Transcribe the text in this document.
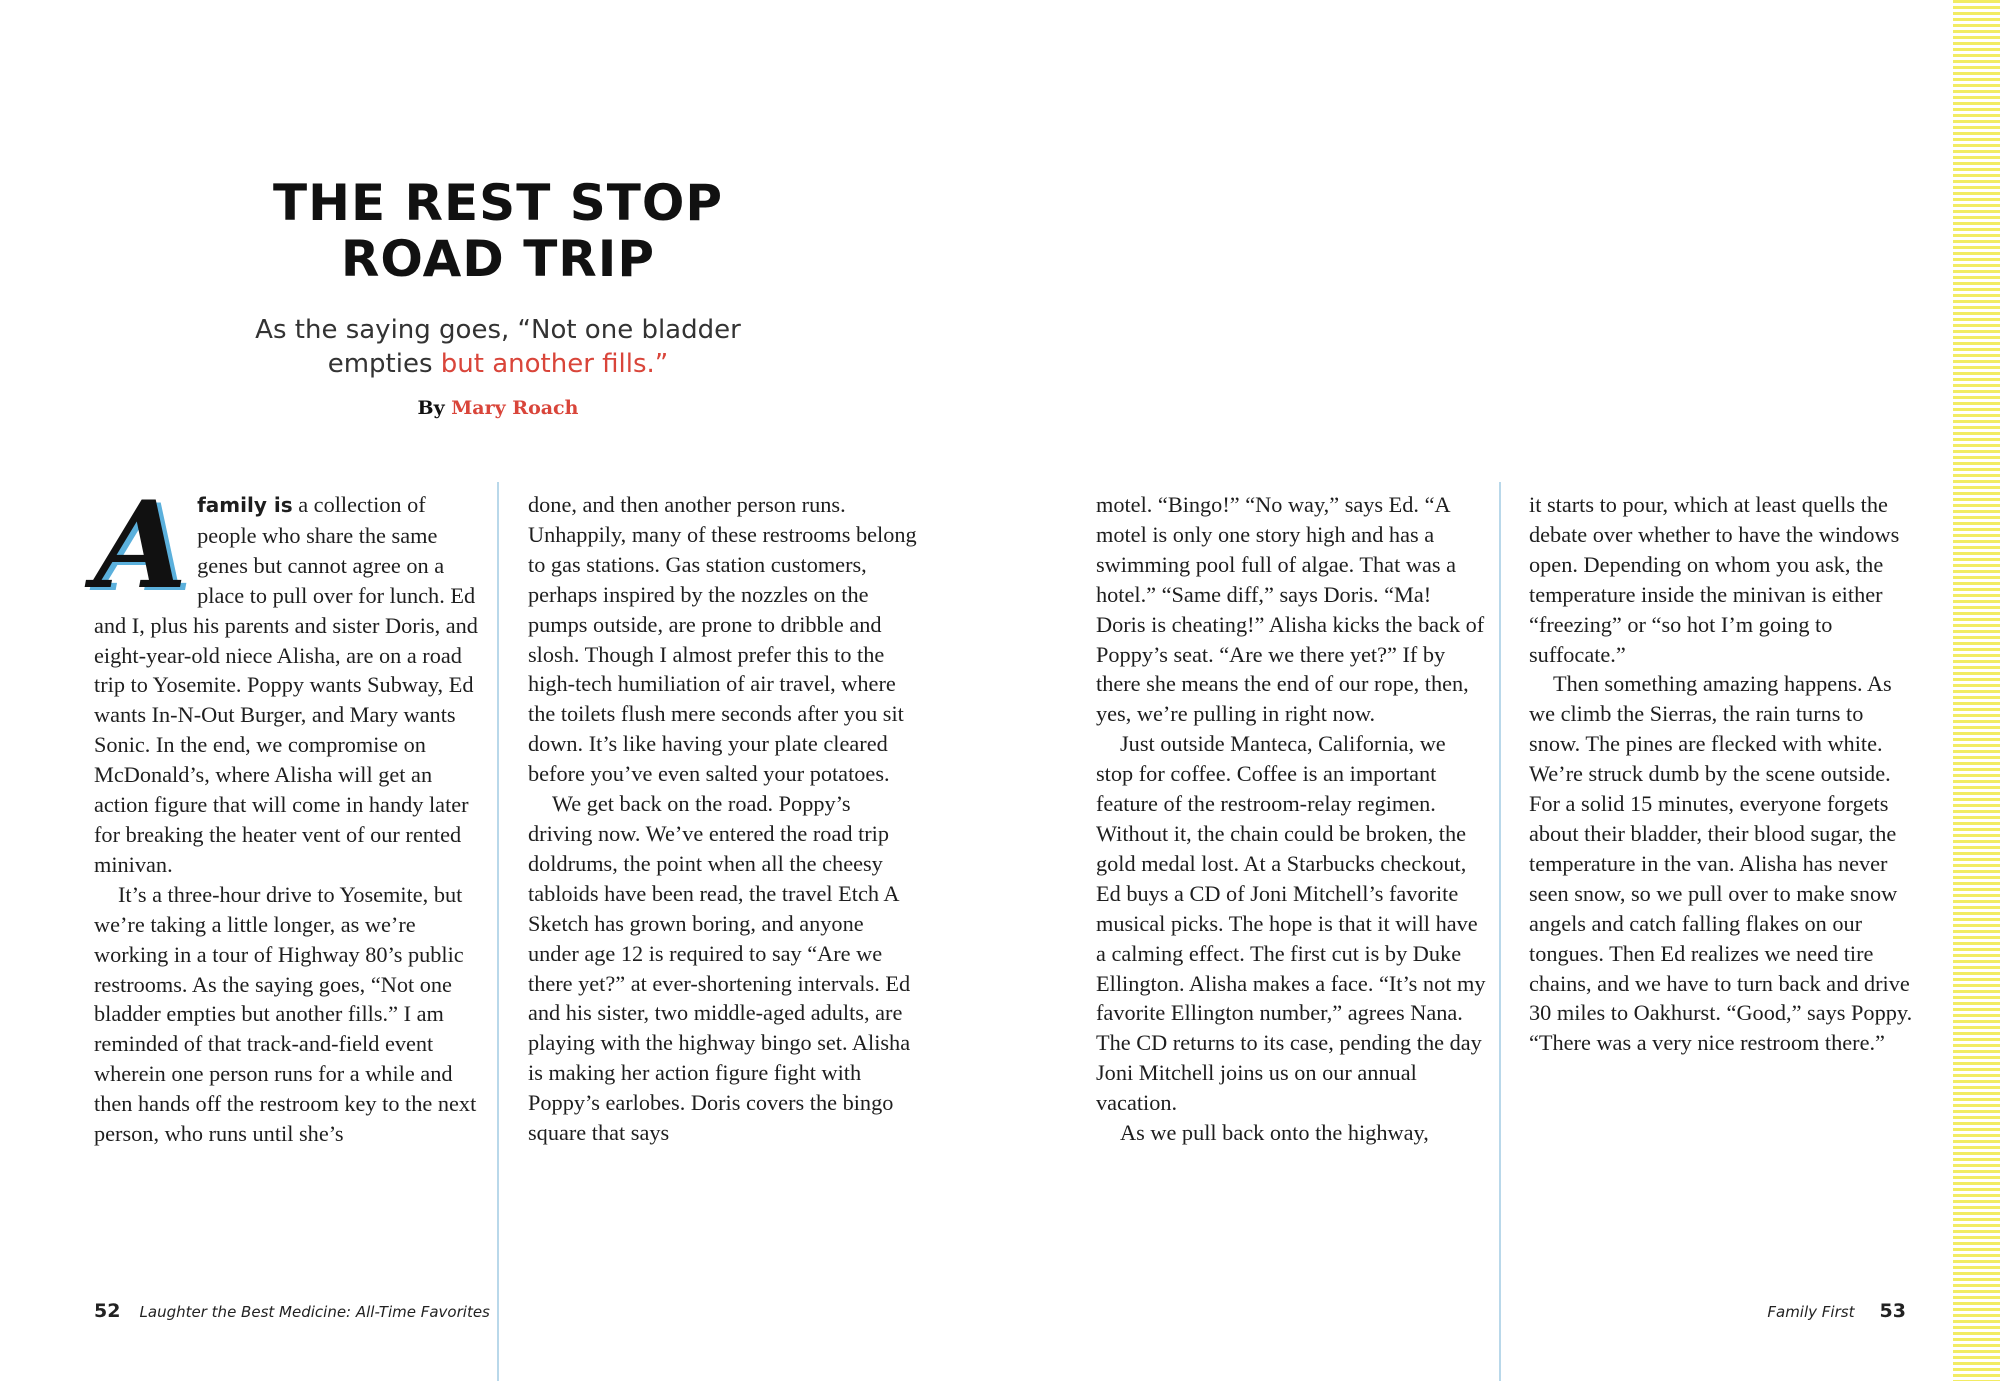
THE REST STOP
ROAD TRIP
As the saying goes, “Not one bladder empties but another fills.”
By Mary Roach

Afamily is a collection of people who share the same genes but cannot agree on a place to pull over for lunch. Ed and I, plus his parents and sister Doris, and eight-year-old niece Alisha, are on a road trip to Yosemite. Poppy wants Subway, Ed wants In-N-Out Burger, and Mary wants Sonic. In the end, we compromise on McDonald’s, where Alisha will get an action figure that will come in handy later for breaking the heater vent of our rented minivan.

It’s a three-hour drive to Yosemite, but we’re taking a little longer, as we’re working in a tour of Highway 80’s public restrooms. As the saying goes, “Not one bladder empties but another fills.” I am reminded of that track-and-field event wherein one person runs for a while and then hands off the restroom key to the next person, who runs until she’s

done, and then another person runs. Unhappily, many of these restrooms belong to gas stations. Gas station customers, perhaps inspired by the nozzles on the pumps outside, are prone to dribble and slosh. Though I almost prefer this to the high-tech humiliation of air travel, where the toilets flush mere seconds after you sit down. It’s like having your plate cleared before you’ve even salted your potatoes.

We get back on the road. Poppy’s driving now. We’ve entered the road trip doldrums, the point when all the cheesy tabloids have been read, the travel Etch A Sketch has grown boring, and anyone under age 12 is required to say “Are we there yet?” at ever-shortening intervals. Ed and his sister, two middle-aged adults, are playing with the highway bingo set. Alisha is making her action figure fight with Poppy’s earlobes. Doris covers the bingo square that says

motel. “Bingo!” “No way,” says Ed. “A motel is only one story high and has a swimming pool full of algae. That was a hotel.” “Same diff,” says Doris. “Ma! Doris is cheating!” Alisha kicks the back of Poppy’s seat. “Are we there yet?” If by there she means the end of our rope, then, yes, we’re pulling in right now.

Just outside Manteca, California, we stop for coffee. Coffee is an important feature of the restroom-relay regimen. Without it, the chain could be broken, the gold medal lost. At a Starbucks checkout, Ed buys a CD of Joni Mitchell’s favorite musical picks. The hope is that it will have a calming effect. The first cut is by Duke Ellington. Alisha makes a face. “It’s not my favorite Ellington number,” agrees Nana. The CD returns to its case, pending the day Joni Mitchell joins us on our annual vacation.

As we pull back onto the highway,

it starts to pour, which at least quells the debate over whether to have the windows open. Depending on whom you ask, the temperature inside the minivan is either “freezing” or “so hot I’m going to suffocate.”

Then something amazing happens. As we climb the Sierras, the rain turns to snow. The pines are flecked with white. We’re struck dumb by the scene outside. For a solid 15 minutes, everyone forgets about their bladder, their blood sugar, the temperature in the van. Alisha has never seen snow, so we pull over to make snow angels and catch falling flakes on our tongues. Then Ed realizes we need tire chains, and we have to turn back and drive 30 miles to Oakhurst. “Good,” says Poppy. “There was a very nice restroom there.”

52 Laughter the Best Medicine: All-Time Favorites	Family First 53
